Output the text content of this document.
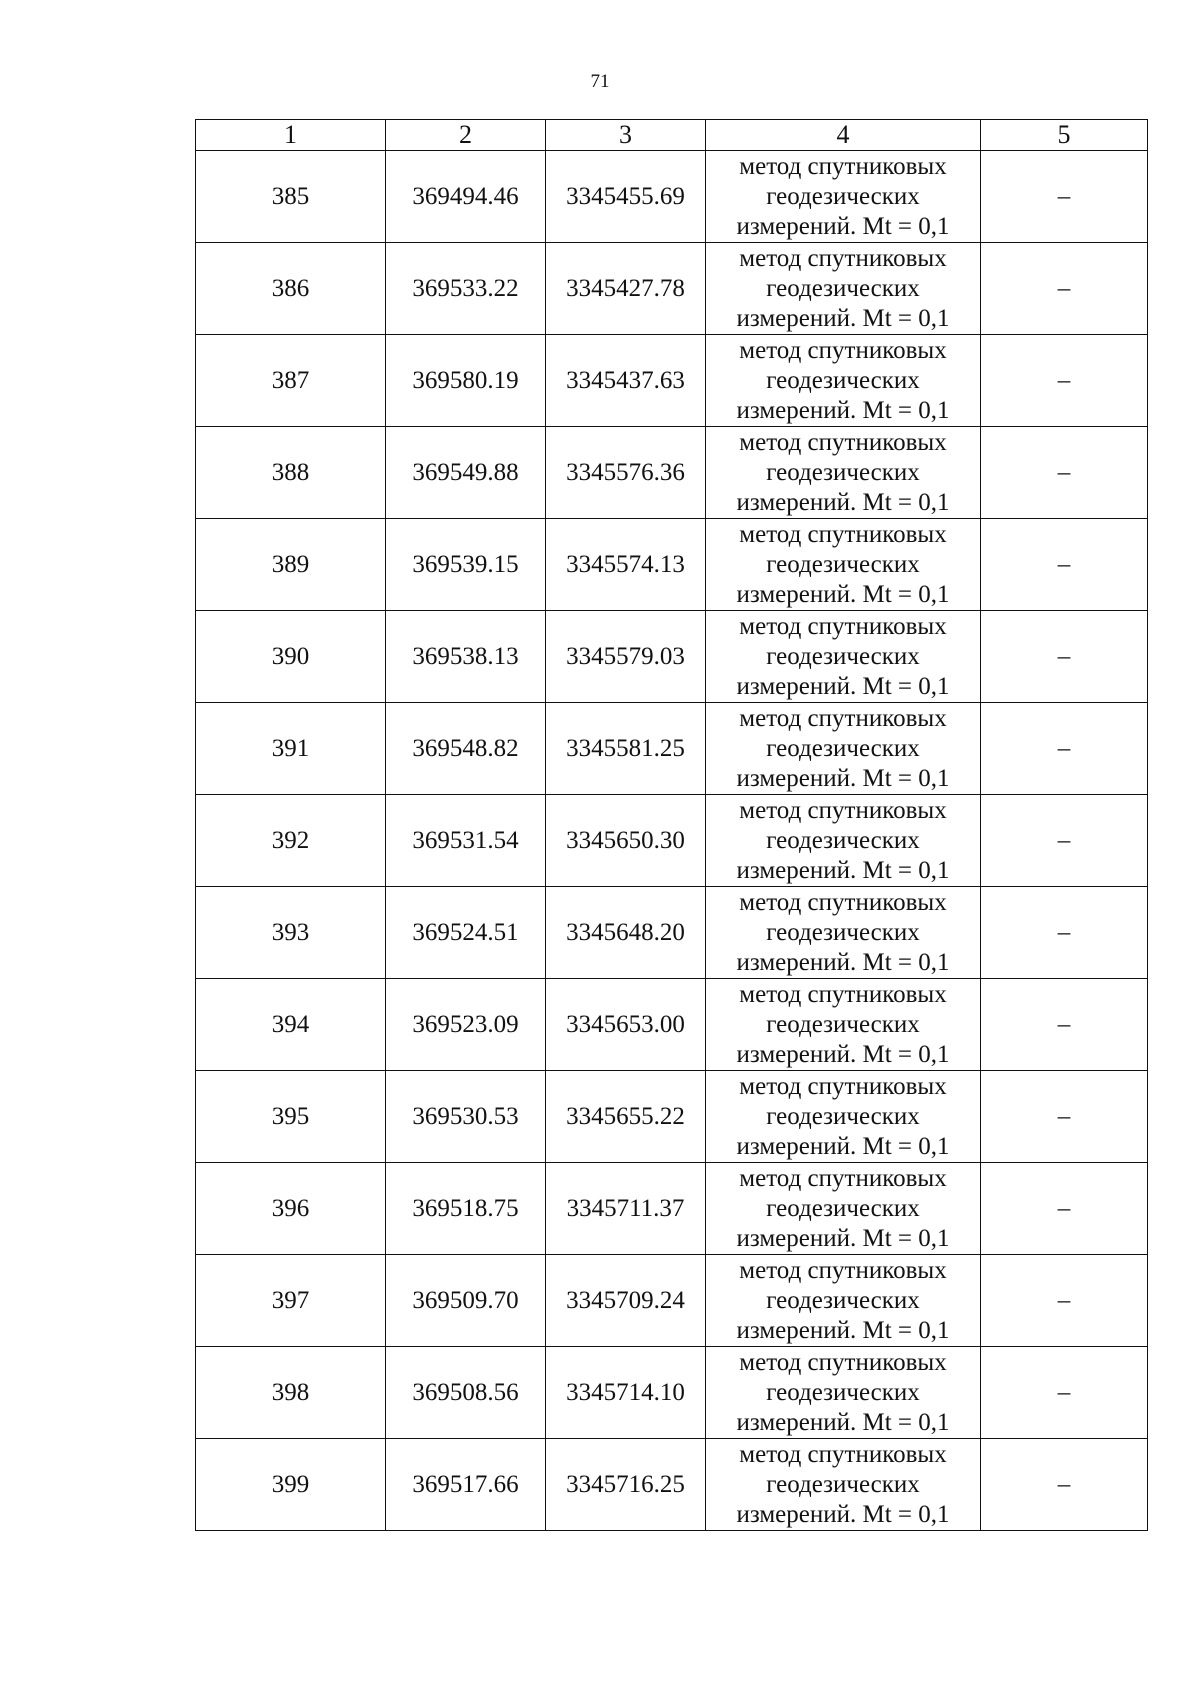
71
1	2	3	4	5
385	369494.46	3345455.69	метод спутниковых
геодезических
измерений. Mt = 0,1	–
386	369533.22	3345427.78	метод спутниковых
геодезических
измерений. Mt = 0,1	–
387	369580.19	3345437.63	метод спутниковых
геодезических
измерений. Mt = 0,1	–
388	369549.88	3345576.36	метод спутниковых
геодезических
измерений. Mt = 0,1	–
389	369539.15	3345574.13	метод спутниковых
геодезических
измерений. Mt = 0,1	–
390	369538.13	3345579.03	метод спутниковых
геодезических
измерений. Mt = 0,1	–
391	369548.82	3345581.25	метод спутниковых
геодезических
измерений. Mt = 0,1	–
392	369531.54	3345650.30	метод спутниковых
геодезических
измерений. Mt = 0,1	–
393	369524.51	3345648.20	метод спутниковых
геодезических
измерений. Mt = 0,1	–
394	369523.09	3345653.00	метод спутниковых
геодезических
измерений. Mt = 0,1	–
395	369530.53	3345655.22	метод спутниковых
геодезических
измерений. Mt = 0,1	–
396	369518.75	3345711.37	метод спутниковых
геодезических
измерений. Mt = 0,1	–
397	369509.70	3345709.24	метод спутниковых
геодезических
измерений. Mt = 0,1	–
398	369508.56	3345714.10	метод спутниковых
геодезических
измерений. Mt = 0,1	–
399	369517.66	3345716.25	метод спутниковых
геодезических
измерений. Mt = 0,1	–
